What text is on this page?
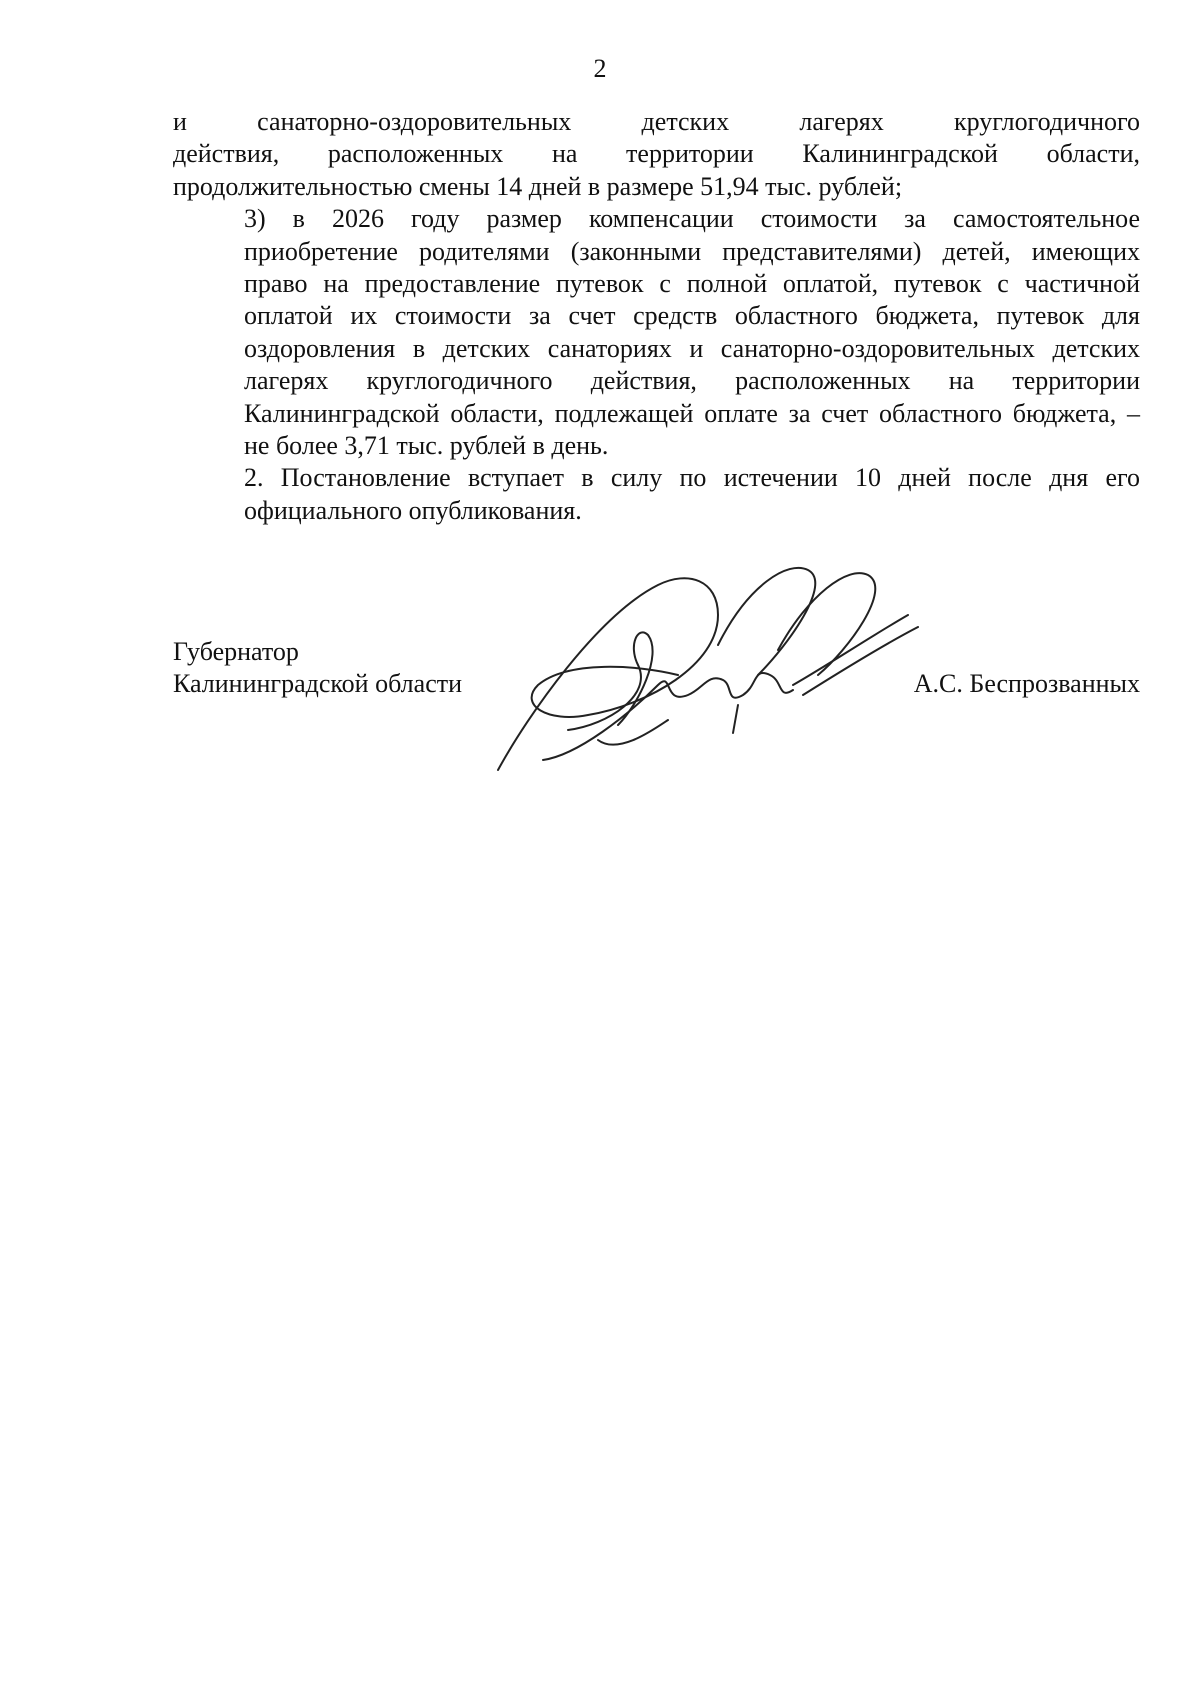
2

и санаторно-оздоровительных детских лагерях круглогодичного
действия, расположенных на территории Калининградской области,
продолжительностью смены 14 дней в размере 51,94 тыс. рублей;

3) в 2026 году размер компенсации стоимости за самостоятельное
приобретение родителями (законными представителями) детей, имеющих
право на предоставление путевок с полной оплатой, путевок с частичной
оплатой их стоимости за счет средств областного бюджета, путевок для
оздоровления в детских санаториях и санаторно-оздоровительных детских
лагерях круглогодичного действия, расположенных на территории
Калининградской области, подлежащей оплате за счет областного бюджета, –
не более 3,71 тыс. рублей в день.

2. Постановление вступает в силу по истечении 10 дней после дня его
официального опубликования.

Губернатор
Калининградской области	А.С. Беспрозванных
